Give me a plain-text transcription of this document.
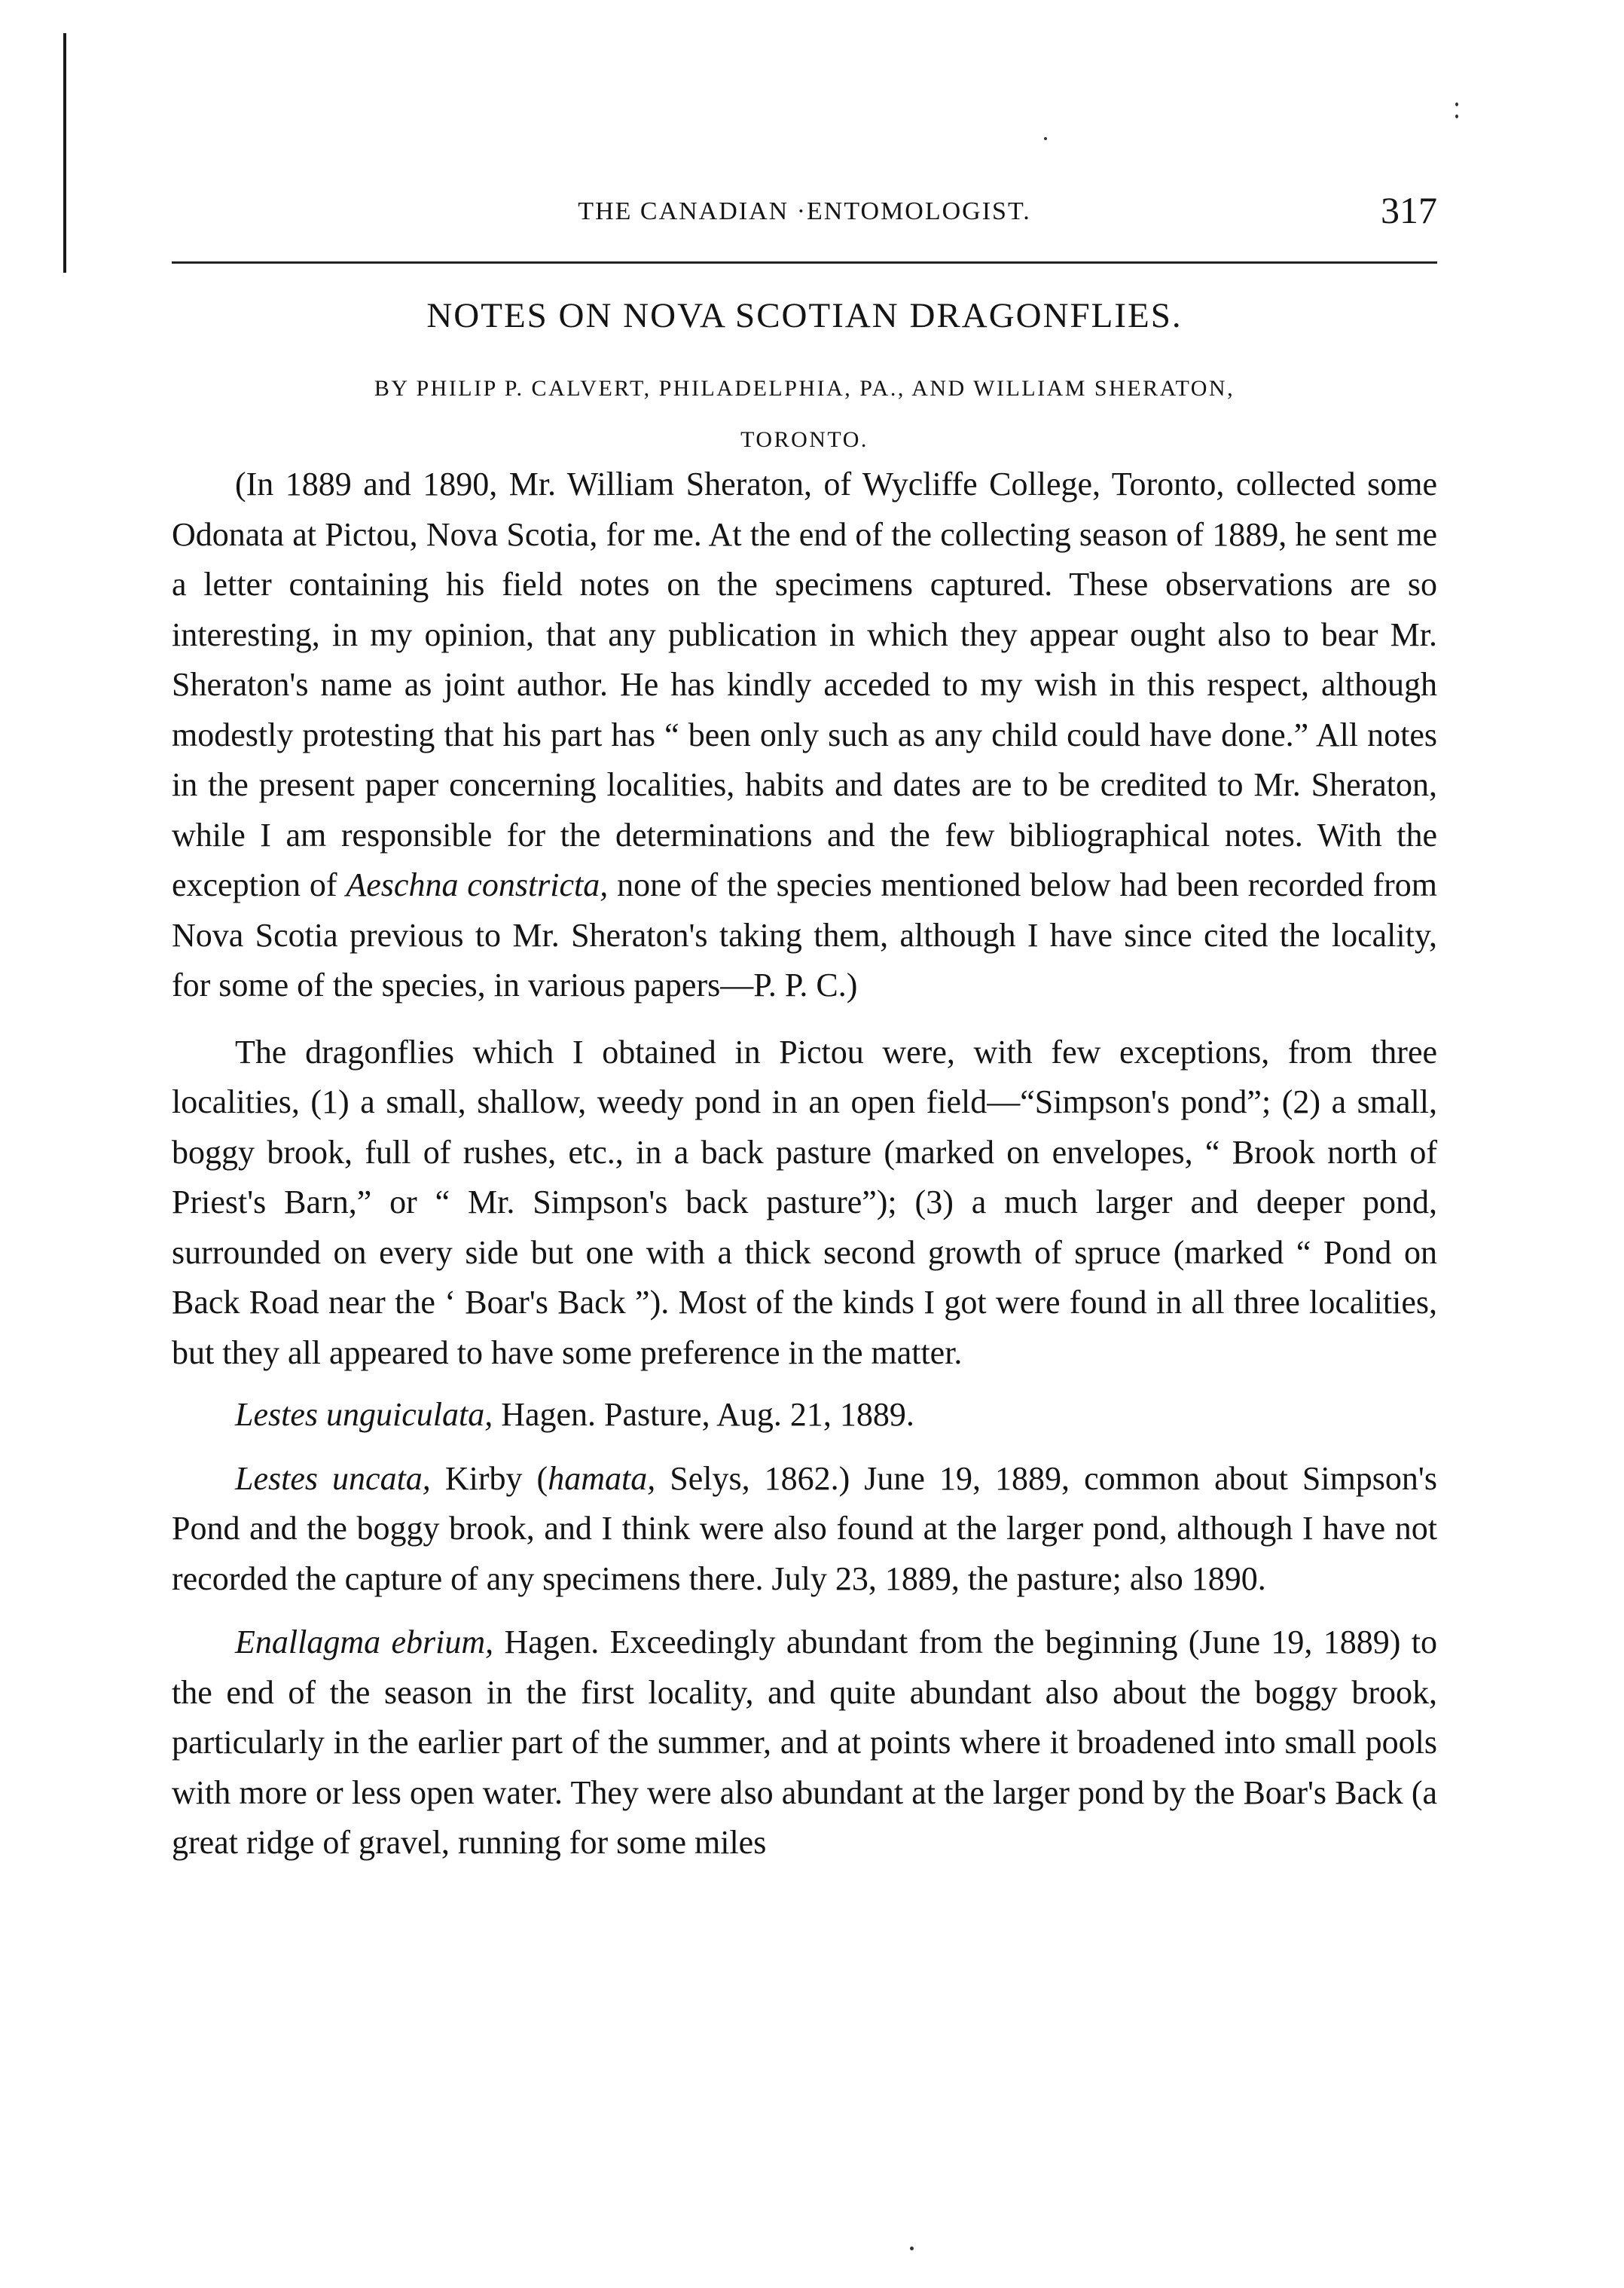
THE CANADIAN ·ENTOMOLOGIST.	317
NOTES ON NOVA SCOTIAN DRAGONFLIES.
BY PHILIP P. CALVERT, PHILADELPHIA, PA., AND WILLIAM SHERATON,
TORONTO.

(In 1889 and 1890, Mr. William Sheraton, of Wycliffe College, Toronto, collected some Odonata at Pictou, Nova Scotia, for me. At the end of the collecting season of 1889, he sent me a letter containing his field notes on the specimens captured. These observations are so interesting, in my opinion, that any publication in which they appear ought also to bear Mr. Sheraton's name as joint author. He has kindly acceded to my wish in this respect, although modestly protesting that his part has “ been only such as any child could have done.” All notes in the present paper concerning localities, habits and dates are to be credited to Mr. Sheraton, while I am responsible for the determinations and the few bibliographical notes. With the exception of Aeschna constricta, none of the species mentioned below had been recorded from Nova Scotia previous to Mr. Sheraton's taking them, although I have since cited the locality, for some of the species, in various papers—P. P. C.)

The dragonflies which I obtained in Pictou were, with few exceptions, from three localities, (1) a small, shallow, weedy pond in an open field—“Simpson's pond”; (2) a small, boggy brook, full of rushes, etc., in a back pasture (marked on envelopes, “ Brook north of Priest's Barn,” or “ Mr. Simpson's back pasture”); (3) a much larger and deeper pond, surrounded on every side but one with a thick second growth of spruce (marked “ Pond on Back Road near the ‘ Boar's Back ”). Most of the kinds I got were found in all three localities, but they all appeared to have some preference in the matter.

Lestes unguiculata, Hagen. Pasture, Aug. 21, 1889.

Lestes uncata, Kirby (hamata, Selys, 1862.) June 19, 1889, common about Simpson's Pond and the boggy brook, and I think were also found at the larger pond, although I have not recorded the capture of any specimens there. July 23, 1889, the pasture; also 1890.

Enallagma ebrium, Hagen. Exceedingly abundant from the beginning (June 19, 1889) to the end of the season in the first locality, and quite abundant also about the boggy brook, particularly in the earlier part of the summer, and at points where it broadened into small pools with more or less open water. They were also abundant at the larger pond by the Boar's Back (a great ridge of gravel, running for some miles
